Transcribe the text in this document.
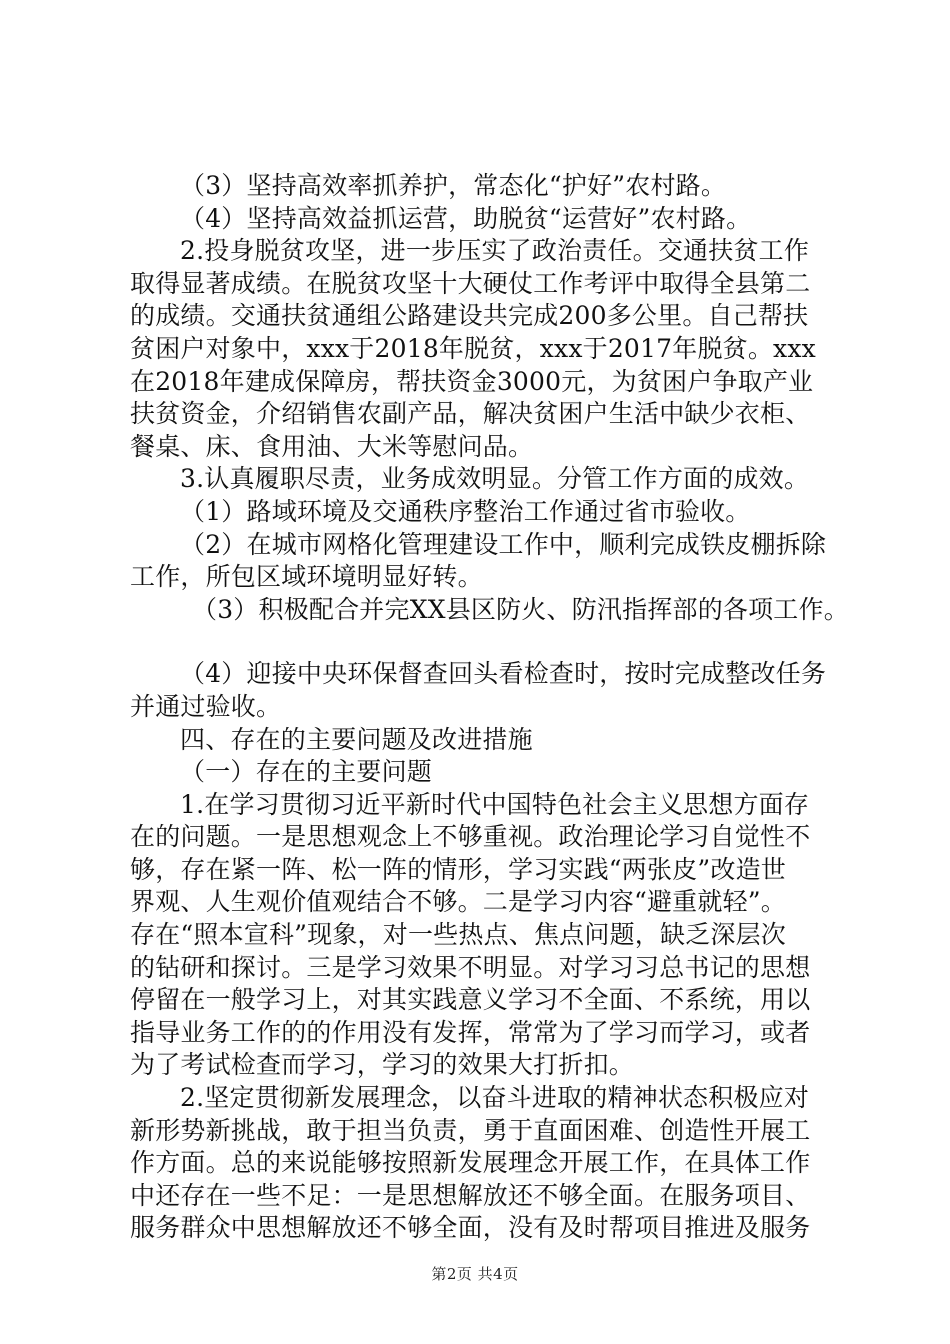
（3）坚持高效率抓养护，常态化“护好”农村路。
（4）坚持高效益抓运营，助脱贫“运营好”农村路。
2.投身脱贫攻坚，进一步压实了政治责任。交通扶贫工作
取得显著成绩。在脱贫攻坚十大硬仗工作考评中取得全县第二
的成绩。交通扶贫通组公路建设共完成200多公里。自己帮扶
贫困户对象中，xxx于2018年脱贫，xxx于2017年脱贫。xxx
在2018年建成保障房，帮扶资金3000元，为贫困户争取产业
扶贫资金，介绍销售农副产品，解决贫困户生活中缺少衣柜、
餐桌、床、食用油、大米等慰问品。
3.认真履职尽责，业务成效明显。分管工作方面的成效。
（1）路域环境及交通秩序整治工作通过省市验收。
（2）在城市网格化管理建设工作中，顺利完成铁皮棚拆除
工作，所包区域环境明显好转。
（3）积极配合并完XX县区防火、防汛指挥部的各项工作。
（4）迎接中央环保督查回头看检查时，按时完成整改任务
并通过验收。
四、存在的主要问题及改进措施
（一）存在的主要问题
1.在学习贯彻习近平新时代中国特色社会主义思想方面存
在的问题。一是思想观念上不够重视。政治理论学习自觉性不
够，存在紧一阵、松一阵的情形，学习实践“两张皮”改造世
界观、人生观价值观结合不够。二是学习内容“避重就轻”。
存在“照本宣科”现象，对一些热点、焦点问题，缺乏深层次
的钻研和探讨。三是学习效果不明显。对学习习总书记的思想
停留在一般学习上，对其实践意义学习不全面、不系统，用以
指导业务工作的的作用没有发挥，常常为了学习而学习，或者
为了考试检查而学习，学习的效果大打折扣。
2.坚定贯彻新发展理念，以奋斗进取的精神状态积极应对
新形势新挑战，敢于担当负责，勇于直面困难、创造性开展工
作方面。总的来说能够按照新发展理念开展工作，在具体工作
中还存在一些不足：一是思想解放还不够全面。在服务项目、
服务群众中思想解放还不够全面，没有及时帮项目推进及服务
第2页 共4页
